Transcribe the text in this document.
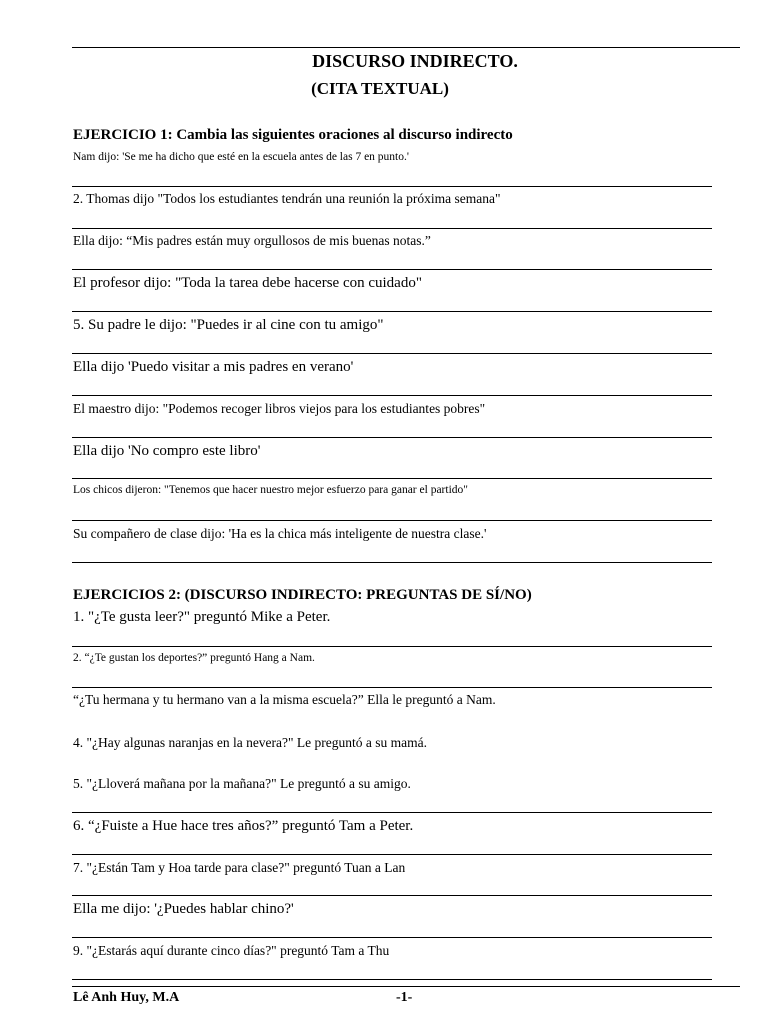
DISCURSO INDIRECTO.
(CITA TEXTUAL)

EJERCICIO 1: Cambia las siguientes oraciones al discurso indirecto

Nam dijo: 'Se me ha dicho que esté en la escuela antes de las 7 en punto.'

2. Thomas dijo "Todos los estudiantes tendrán una reunión la próxima semana"

Ella dijo: “Mis padres están muy orgullosos de mis buenas notas.”

El profesor dijo: "Toda la tarea debe hacerse con cuidado"

5. Su padre le dijo: "Puedes ir al cine con tu amigo"

Ella dijo 'Puedo visitar a mis padres en verano'

El maestro dijo: "Podemos recoger libros viejos para los estudiantes pobres"

Ella dijo 'No compro este libro'

Los chicos dijeron: "Tenemos que hacer nuestro mejor esfuerzo para ganar el partido"

Su compañero de clase dijo: 'Ha es la chica más inteligente de nuestra clase.'

EJERCICIOS 2: (DISCURSO INDIRECTO: PREGUNTAS DE SÍ/NO)

1. "¿Te gusta leer?" preguntó Mike a Peter.

2. “¿Te gustan los deportes?” preguntó Hang a Nam.

“¿Tu hermana y tu hermano van a la misma escuela?” Ella le preguntó a Nam.

4. "¿Hay algunas naranjas en la nevera?" Le preguntó a su mamá.

5. "¿Lloverá mañana por la mañana?" Le preguntó a su amigo.

6. “¿Fuiste a Hue hace tres años?” preguntó Tam a Peter.

7. "¿Están Tam y Hoa tarde para clase?" preguntó Tuan a Lan

Ella me dijo: '¿Puedes hablar chino?'

9. "¿Estarás aquí durante cinco días?" preguntó Tam a Thu

Lê Anh Huy, M.A	-1-
